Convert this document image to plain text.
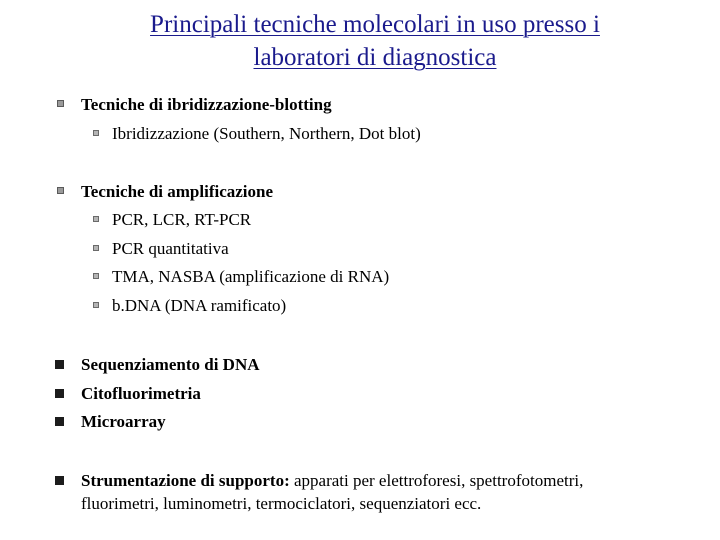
Principali tecniche molecolari in uso presso i
laboratori di diagnostica
Tecniche di ibridizzazione-blotting
Ibridizzazione (Southern, Northern, Dot blot)
Tecniche di amplificazione
PCR, LCR, RT-PCR
PCR quantitativa
TMA, NASBA (amplificazione di RNA)
b.DNA (DNA ramificato)
Sequenziamento di DNA
Citofluorimetria
Microarray
Strumentazione di supporto: apparati per elettroforesi, spettrofotometri,
fluorimetri, luminometri, termociclatori, sequenziatori ecc.
